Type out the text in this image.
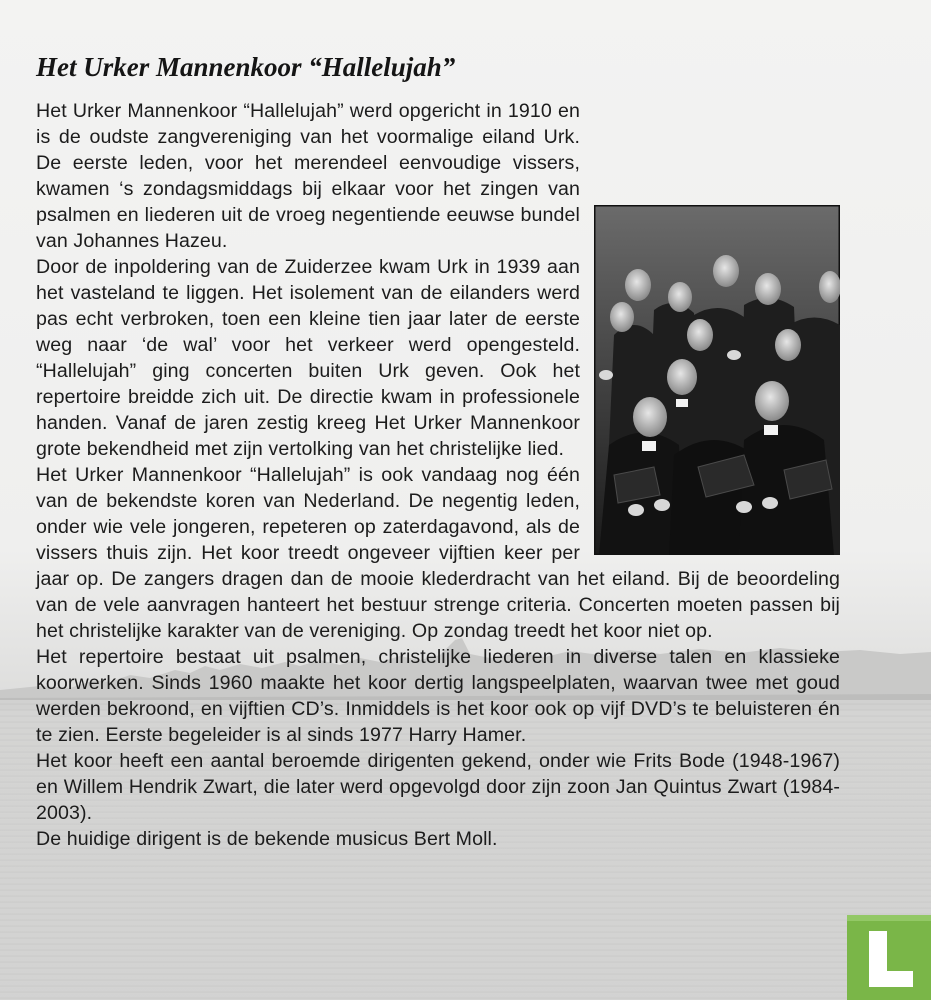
Het Urker Mannenkoor “Hallelujah”
Het Urker Mannenkoor “Hallelujah” werd opgericht in 1910 en is de oudste zangvereniging van het voormalige eiland Urk. De eerste leden, voor het merendeel eenvoudige vissers, kwamen ‘s zondagsmiddags bij elkaar voor het zingen van psalmen en liederen uit de vroeg negentiende eeuwse bundel van Johannes Hazeu.
Door de inpoldering van de Zuiderzee kwam Urk in 1939 aan het vasteland te liggen. Het isolement van de eilanders werd pas echt verbroken, toen een kleine tien jaar later de eerste weg naar ‘de wal’ voor het verkeer werd opengesteld. “Hallelujah” ging concerten buiten Urk geven. Ook het repertoire breidde zich uit. De directie kwam in professionele handen. Vanaf de jaren zestig kreeg Het Urker Mannenkoor grote bekendheid met zijn vertolking van het christelijke lied.
Het Urker Mannenkoor “Hallelujah” is ook vandaag nog één van de bekendste koren van Nederland. De negentig leden, onder wie vele jongeren, repeteren op zaterdagavond, als de vissers thuis zijn. Het koor treedt ongeveer vijftien keer per jaar op. De zangers dragen dan de mooie klederdracht van het eiland. Bij de beoordeling van de vele aanvragen hanteert het bestuur strenge criteria. Concerten moeten passen bij het christelijke karakter van de vereniging. Op zondag treedt het koor niet op.
Het repertoire bestaat uit psalmen, christelijke liederen in diverse talen en klassieke koorwerken. Sinds 1960 maakte het koor dertig langspeelplaten, waarvan twee met goud werden bekroond, en vijftien CD’s. Inmiddels is het koor ook op vijf DVD’s te beluisteren én te zien. Eerste begeleider is al sinds 1977 Harry Hamer.
Het koor heeft een aantal beroemde dirigenten gekend, onder wie Frits Bode (1948-1967) en Willem Hendrik Zwart, die later werd opgevolgd door zijn zoon Jan Quintus Zwart (1984-2003).
De huidige dirigent is de bekende musicus Bert Moll.
